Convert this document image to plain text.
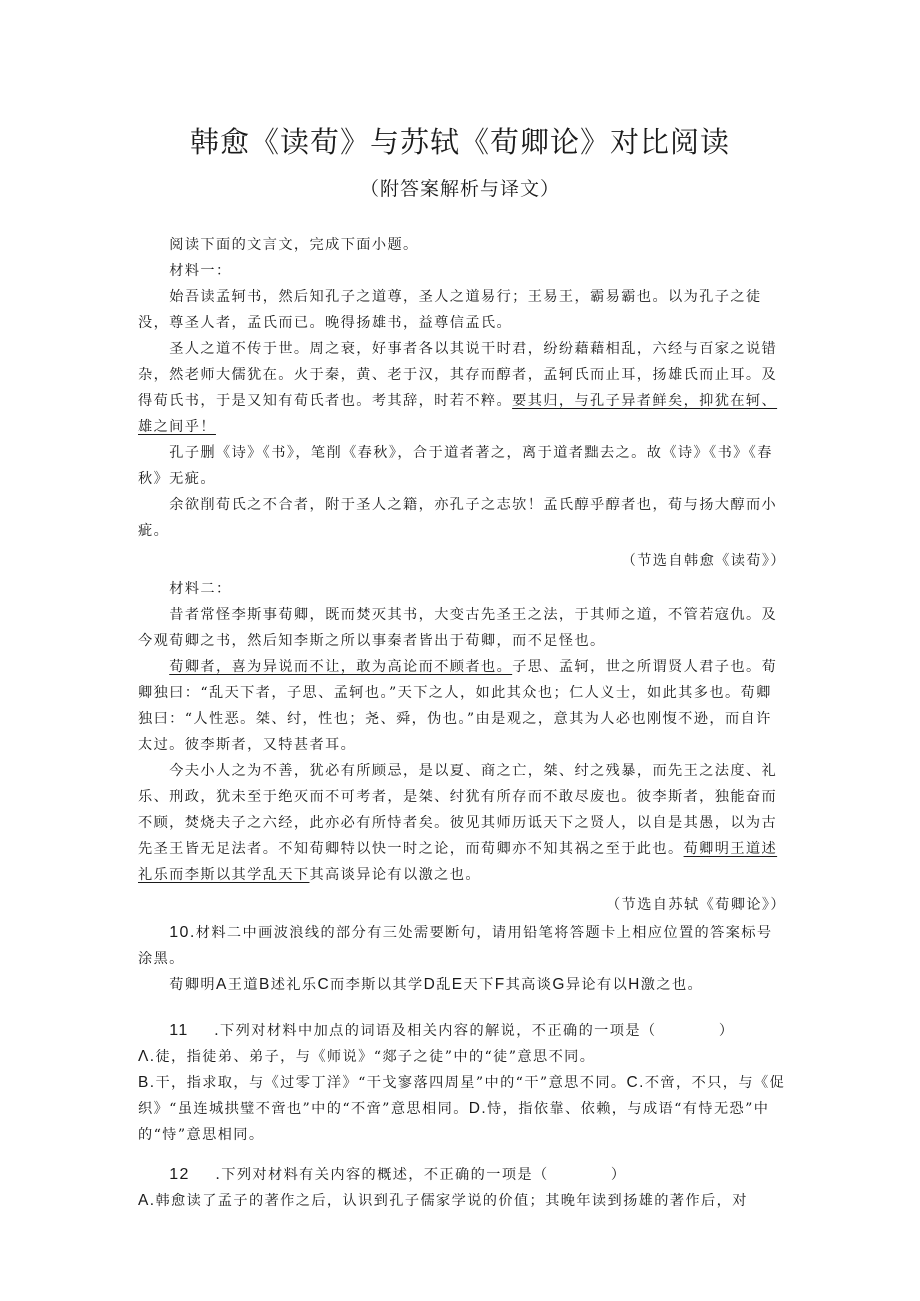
韩愈《读荀》与苏轼《荀卿论》对比阅读
（附答案解析与译文）

阅读下面的文言文，完成下面小题。

材料一：

始吾读孟轲书，然后知孔子之道尊，圣人之道易行；王易王，霸易霸也。以为孔子之徒没，尊圣人者，孟氏而已。晚得扬雄书，益尊信孟氏。

圣人之道不传于世。周之衰，好事者各以其说干时君，纷纷藉藉相乱，六经与百家之说错杂，然老师大儒犹在。火于秦，黄、老于汉，其存而醇者，孟轲氏而止耳，扬雄氏而止耳。及得荀氏书，于是又知有荀氏者也。考其辞，时若不粹。要其归，与孔子异者鲜矣，抑犹在轲、雄之间乎！

孔子删《诗》《书》，笔削《春秋》，合于道者著之，离于道者黜去之。故《诗》《书》《春秋》无疵。

余欲削荀氏之不合者，附于圣人之籍，亦孔子之志欤！孟氏醇乎醇者也，荀与扬大醇而小疵。

（节选自韩愈《读荀》）

材料二：

昔者常怪李斯事荀卿，既而焚灭其书，大变古先圣王之法，于其师之道，不管若寇仇。及今观荀卿之书，然后知李斯之所以事秦者皆出于荀卿，而不足怪也。

荀卿者，喜为异说而不让，敢为高论而不顾者也。子思、孟轲，世之所谓贤人君子也。荀卿独曰：“乱天下者，子思、孟轲也。”天下之人，如此其众也；仁人义士，如此其多也。荀卿独曰：“人性恶。桀、纣，性也；尧、舜，伪也。”由是观之，意其为人必也刚愎不逊，而自许太过。彼李斯者，又特甚者耳。

今夫小人之为不善，犹必有所顾忌，是以夏、商之亡，桀、纣之残暴，而先王之法度、礼乐、刑政，犹未至于绝灭而不可考者，是桀、纣犹有所存而不敢尽废也。彼李斯者，独能奋而不顾，焚烧夫子之六经，此亦必有所恃者矣。彼见其师历诋天下之贤人，以自是其愚，以为古先圣王皆无足法者。不知荀卿特以快一时之论，而荀卿亦不知其祸之至于此也。荀卿明王道述礼乐而李斯以其学乱天下其高谈异论有以激之也。

（节选自苏轼《荀卿论》）

10.材料二中画波浪线的部分有三处需要断句，请用铅笔将答题卡上相应位置的答案标号涂黑。

荀卿明A王道B述礼乐C而李斯以其学D乱E天下F其高谈G异论有以H激之也。

11    .下列对材料中加点的词语及相关内容的解说，不正确的一项是（　　　　）

Λ.徒，指徒弟、弟子，与《师说》“郯子之徒”中的“徒”意思不同。

B.干，指求取，与《过零丁洋》“干戈寥落四周星”中的“干”意思不同。C.不啻，不只，与《促织》“虽连城拱璧不啻也”中的“不啻”意思相同。D.恃，指依靠、依赖，与成语“有恃无恐”中的“恃”意思相同。

12    .下列对材料有关内容的概述，不正确的一项是（　　　　）

A.韩愈读了孟子的著作之后，认识到孔子儒家学说的价值；其晚年读到扬雄的著作后，对
